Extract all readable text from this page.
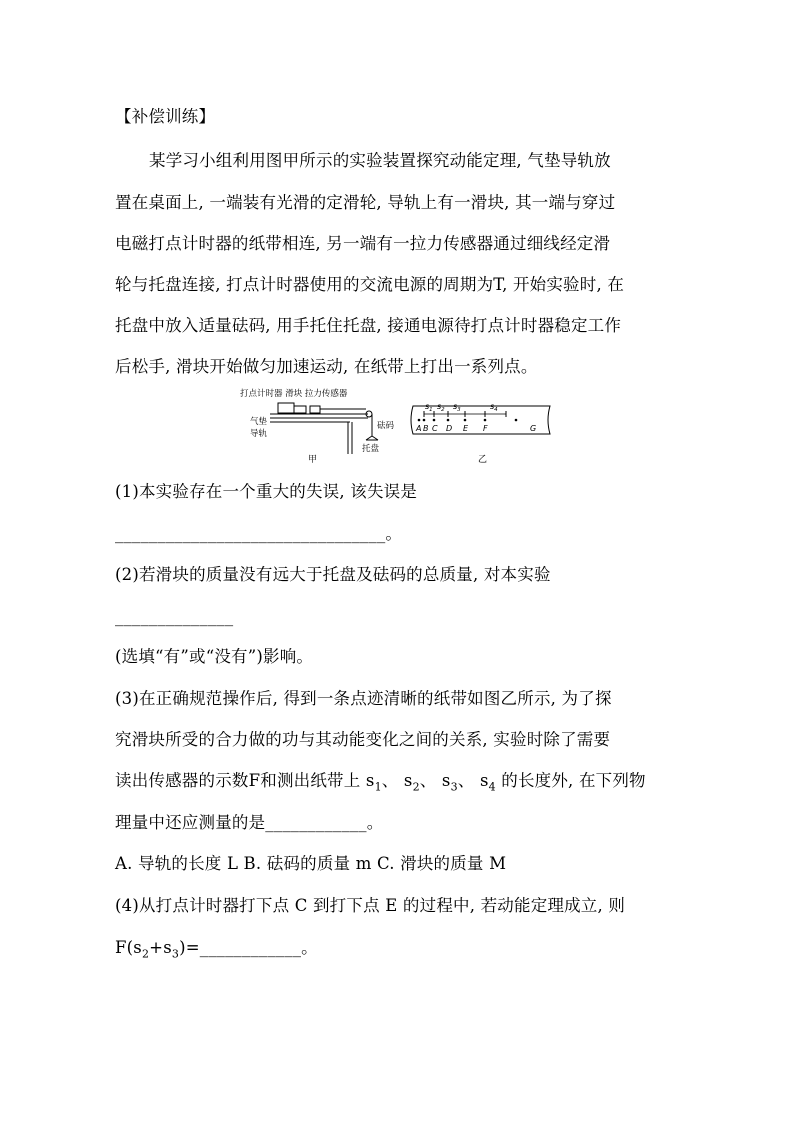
【补偿训练】
某学习小组利用图甲所示的实验装置探究动能定理, 气垫导轨放
置在桌面上, 一端装有光滑的定滑轮, 导轨上有一滑块, 其一端与穿过
电磁打点计时器的纸带相连, 另一端有一拉力传感器通过细线经定滑
轮与托盘连接, 打点计时器使用的交流电源的周期为T, 开始实验时, 在
托盘中放入适量砝码, 用手托住托盘, 接通电源待打点计时器稳定工作
后松手, 滑块开始做匀加速运动, 在纸带上打出一系列点。
打点计时器 滑块 拉力传感器
气垫
导轨
砝码
托盘
甲
$s_1$ $s_2$ $s_3$	$s_4$
A B C D E F	G
乙
(1)本实验存在一个重大的失误, 该失误是
________________________________。
(2)若滑块的质量没有远大于托盘及砝码的总质量, 对本实验
______________
(选填“有”或“没有”)影响。
(3)在正确规范操作后, 得到一条点迹清晰的纸带如图乙所示, 为了探
究滑块所受的合力做的功与其动能变化之间的关系, 实验时除了需要
读出传感器的示数F和测出纸带上 $s_1$、 $s_2$、 $s_3$、 $s_4$ 的长度外, 在下列物
理量中还应测量的是____________。
A. 导轨的长度 L B. 砝码的质量 m C. 滑块的质量 M
(4)从打点计时器打下点 C 到打下点 E 的过程中, 若动能定理成立, 则
$F(s_2+s_3)=\_\_\_\_\_\_\_\_\_\_\_\_$。
